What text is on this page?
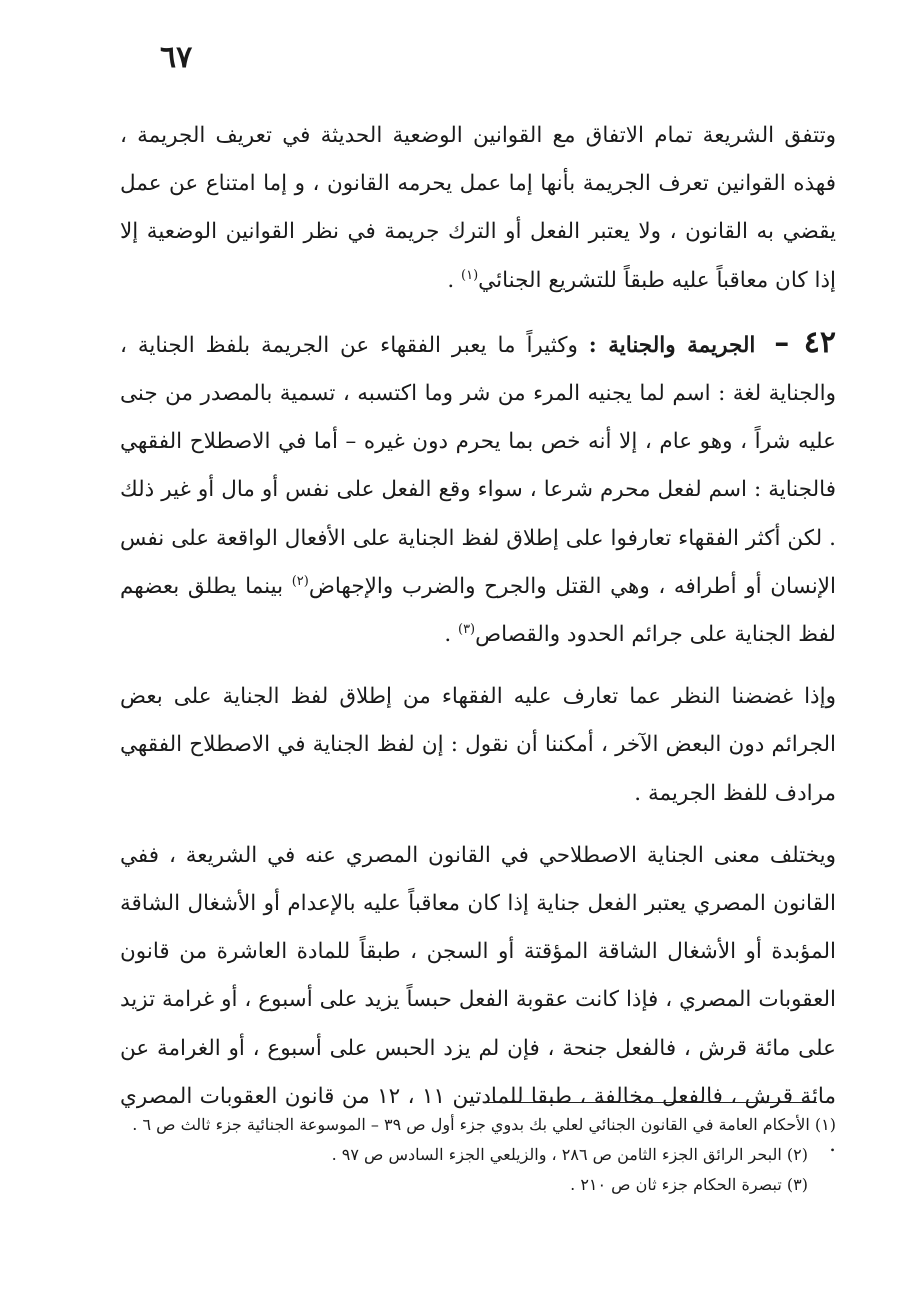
٦٧

وتتفق الشريعة تمام الاتفاق مع القوانين الوضعية الحديثة في تعريف الجريمة ، فهذه القوانين تعرف الجريمة بأنها إما عمل يحرمه القانون ، و إما امتناع عن عمل يقضي به القانون ، ولا يعتبر الفعل أو الترك جريمة في نظر القوانين الوضعية إلا إذا كان معاقباً عليه طبقاً للتشريع الجنائي$^{(١)}$ .

٤٢ – الجريمة والجناية : وكثيراً ما يعبر الفقهاء عن الجريمة بلفظ الجناية ، والجناية لغة : اسم لما يجنيه المرء من شر وما اكتسبه ، تسمية بالمصدر من جنى عليه شراً ، وهو عام ، إلا أنه خص بما يحرم دون غيره – أما في الاصطلاح الفقهي فالجناية : اسم لفعل محرم شرعا ، سواء وقع الفعل على نفس أو مال أو غير ذلك . لكن أكثر الفقهاء تعارفوا على إطلاق لفظ الجناية على الأفعال الواقعة على نفس الإنسان أو أطرافه ، وهي القتل والجرح والضرب والإجهاض$^{(٢)}$ بينما يطلق بعضهم لفظ الجناية على جرائم الحدود والقصاص$^{(٣)}$ .

وإذا غضضنا النظر عما تعارف عليه الفقهاء من إطلاق لفظ الجناية على بعض الجرائم دون البعض الآخر ، أمكننا أن نقول : إن لفظ الجناية في الاصطلاح الفقهي مرادف للفظ الجريمة .

ويختلف معنى الجناية الاصطلاحي في القانون المصري عنه في الشريعة ، ففي القانون المصري يعتبر الفعل جناية إذا كان معاقباً عليه بالإعدام أو الأشغال الشاقة المؤبدة أو الأشغال الشاقة المؤقتة أو السجن ، طبقاً للمادة العاشرة من قانون العقوبات المصري ، فإذا كانت عقوبة الفعل حبساً يزيد على أسبوع ، أو غرامة تزيد على مائة قرش ، فالفعل جنحة ، فإن لم يزد الحبس على أسبوع ، أو الغرامة عن مائة قرش ، فالفعل مخالفة ، طبقا للمادتين ١١ ، ١٢ من قانون العقوبات المصري .

(١) الأحكام العامة في القانون الجنائي لعلي بك بدوي جزء أول ص ٣٩ – الموسوعة الجنائية جزء ثالث ص ٦ .

(٢) البحر الرائق الجزء الثامن ص ٢٨٦ ، والزيلعي الجزء السادس ص ٩٧ .

(٣) تبصرة الحكام جزء ثان ص ٢١٠ .
